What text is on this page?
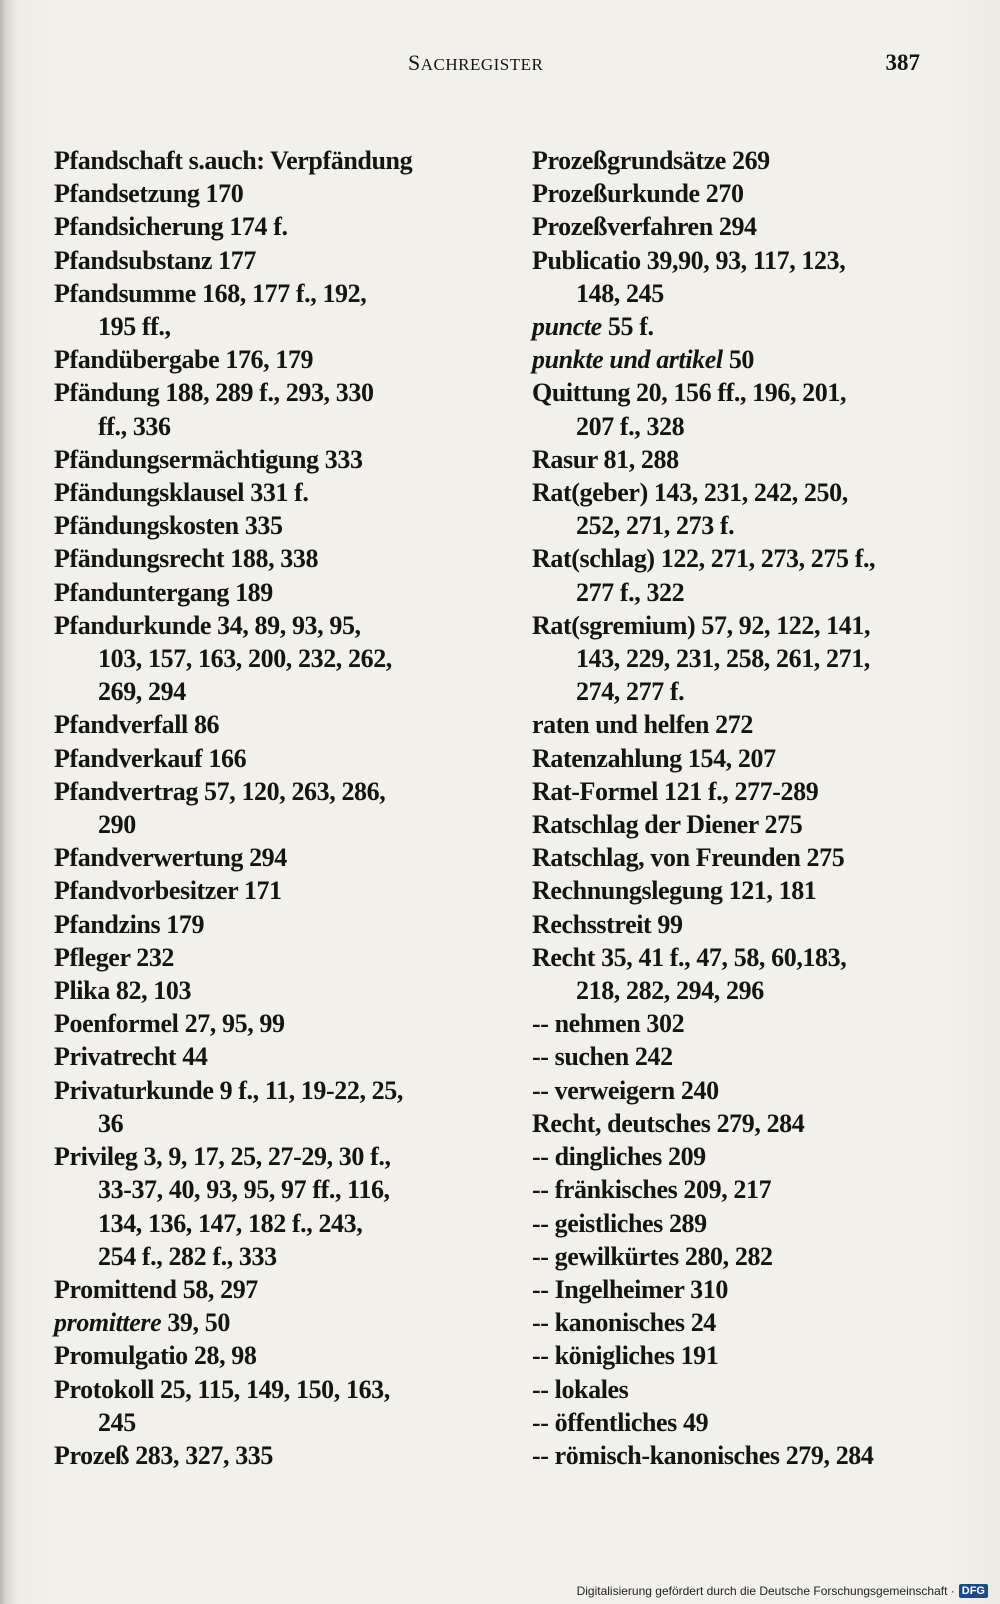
SACHREGISTER	387
Pfandschaft s.auch: Verpfändung
Pfandsetzung 170
Pfandsicherung 174 f.
Pfandsubstanz 177
Pfandsumme 168, 177 f., 192,
195 ff.,
Pfandübergabe 176, 179
Pfändung 188, 289 f., 293, 330
ff., 336
Pfändungsermächtigung 333
Pfändungsklausel 331 f.
Pfändungskosten 335
Pfändungsrecht 188, 338
Pfanduntergang 189
Pfandurkunde 34, 89, 93, 95,
103, 157, 163, 200, 232, 262,
269, 294
Pfandverfall 86
Pfandverkauf 166
Pfandvertrag 57, 120, 263, 286,
290
Pfandverwertung 294
Pfandvorbesitzer 171
Pfandzins 179
Pfleger 232
Plika 82, 103
Poenformel 27, 95, 99
Privatrecht 44
Privaturkunde 9 f., 11, 19-22, 25,
36
Privileg 3, 9, 17, 25, 27-29, 30 f.,
33-37, 40, 93, 95, 97 ff., 116,
134, 136, 147, 182 f., 243,
254 f., 282 f., 333
Promittend 58, 297
promittere 39, 50
Promulgatio 28, 98
Protokoll 25, 115, 149, 150, 163,
245
Prozeß 283, 327, 335
Prozeßgrundsätze 269
Prozeßurkunde 270
Prozeßverfahren 294
Publicatio 39,90, 93, 117, 123,
148, 245
puncte 55 f.
punkte und artikel 50
Quittung 20, 156 ff., 196, 201,
207 f., 328
Rasur 81, 288
Rat(geber) 143, 231, 242, 250,
252, 271, 273 f.
Rat(schlag) 122, 271, 273, 275 f.,
277 f., 322
Rat(sgremium) 57, 92, 122, 141,
143, 229, 231, 258, 261, 271,
274, 277 f.
raten und helfen 272
Ratenzahlung 154, 207
Rat-Formel 121 f., 277-289
Ratschlag der Diener 275
Ratschlag, von Freunden 275
Rechnungslegung 121, 181
Rechsstreit 99
Recht 35, 41 f., 47, 58, 60,183,
218, 282, 294, 296
-- nehmen 302
-- suchen 242
-- verweigern 240
Recht, deutsches 279, 284
-- dingliches 209
-- fränkisches 209, 217
-- geistliches 289
-- gewilkürtes 280, 282
-- Ingelheimer 310
-- kanonisches 24
-- königliches 191
-- lokales
-- öffentliches 49
-- römisch-kanonisches 279, 284
Digitalisierung gefördert durch die Deutsche Forschungsgemeinschaft · DFG
